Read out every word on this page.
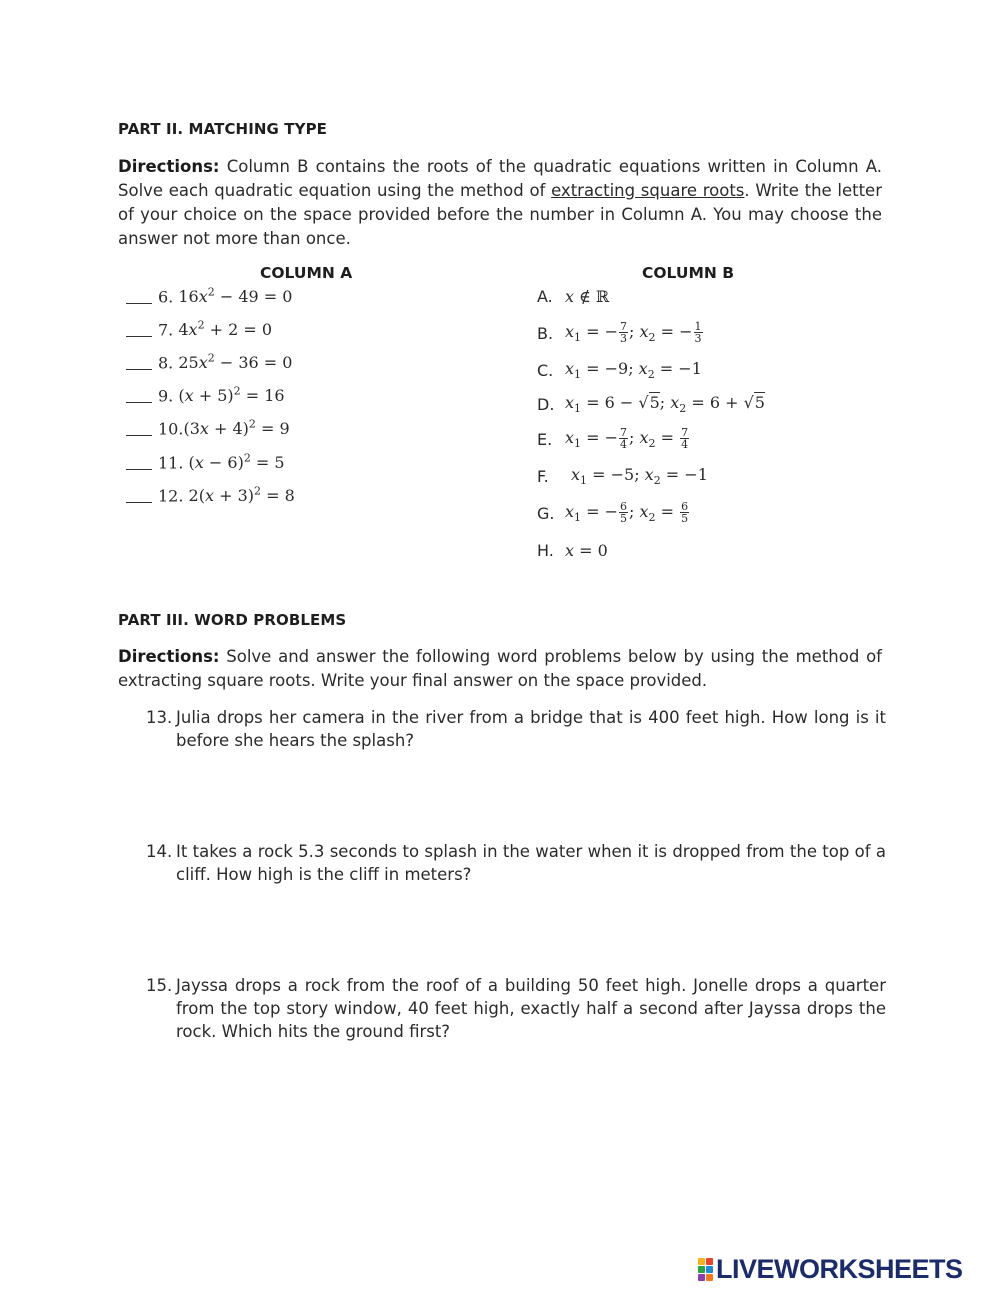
PART II. MATCHING TYPE
Directions: Column B contains the roots of the quadratic equations written in Column A. Solve each quadratic equation using the method of extracting square roots. Write the letter of your choice on the space provided before the number in Column A. You may choose the answer not more than once.
COLUMN A	COLUMN B
6. $16x^2 - 49 = 0$
7. $4x^2 + 2 = 0$
8. $25x^2 - 36 = 0$
9. $(x + 5)^2 = 16$
$10.(3x + 4)^2 = 9$
11. $(x - 6)^2 = 5$
12. $2(x + 3)^2 = 8$
A. x ∉ ℝ
B. $x_1$ = − $\frac{7}{3}$ ; $x_2$ = − $\frac{1}{3}$
C. $x_1 = -9$; $x_2 = -1$
D. $x_1 = 6 - √5$; $x_2 = 6 + √5$
E. $x_1$ = − $\frac{7}{4}$ ; $x_2 = \frac{7}{4}$
F.	$x_1 = -5$; $x_2 = -1$
G. $x_1$ = − $\frac{6}{5}$ ; $x_2 = \frac{6}{5}$
H. x = 0
PART III. WORD PROBLEMS
Directions: Solve and answer the following word problems below by using the method of extracting square roots. Write your final answer on the space provided.
13. Julia drops her camera in the river from a bridge that is 400 feet high. How long is it before she hears the splash?
14. It takes a rock 5.3 seconds to splash in the water when it is dropped from the top of a cliff. How high is the cliff in meters?
15. Jayssa drops a rock from the roof of a building 50 feet high. Jonelle drops a quarter from the top story window, 40 feet high, exactly half a second after Jayssa drops the rock. Which hits the ground first?
LIVEWORKSHEETS
